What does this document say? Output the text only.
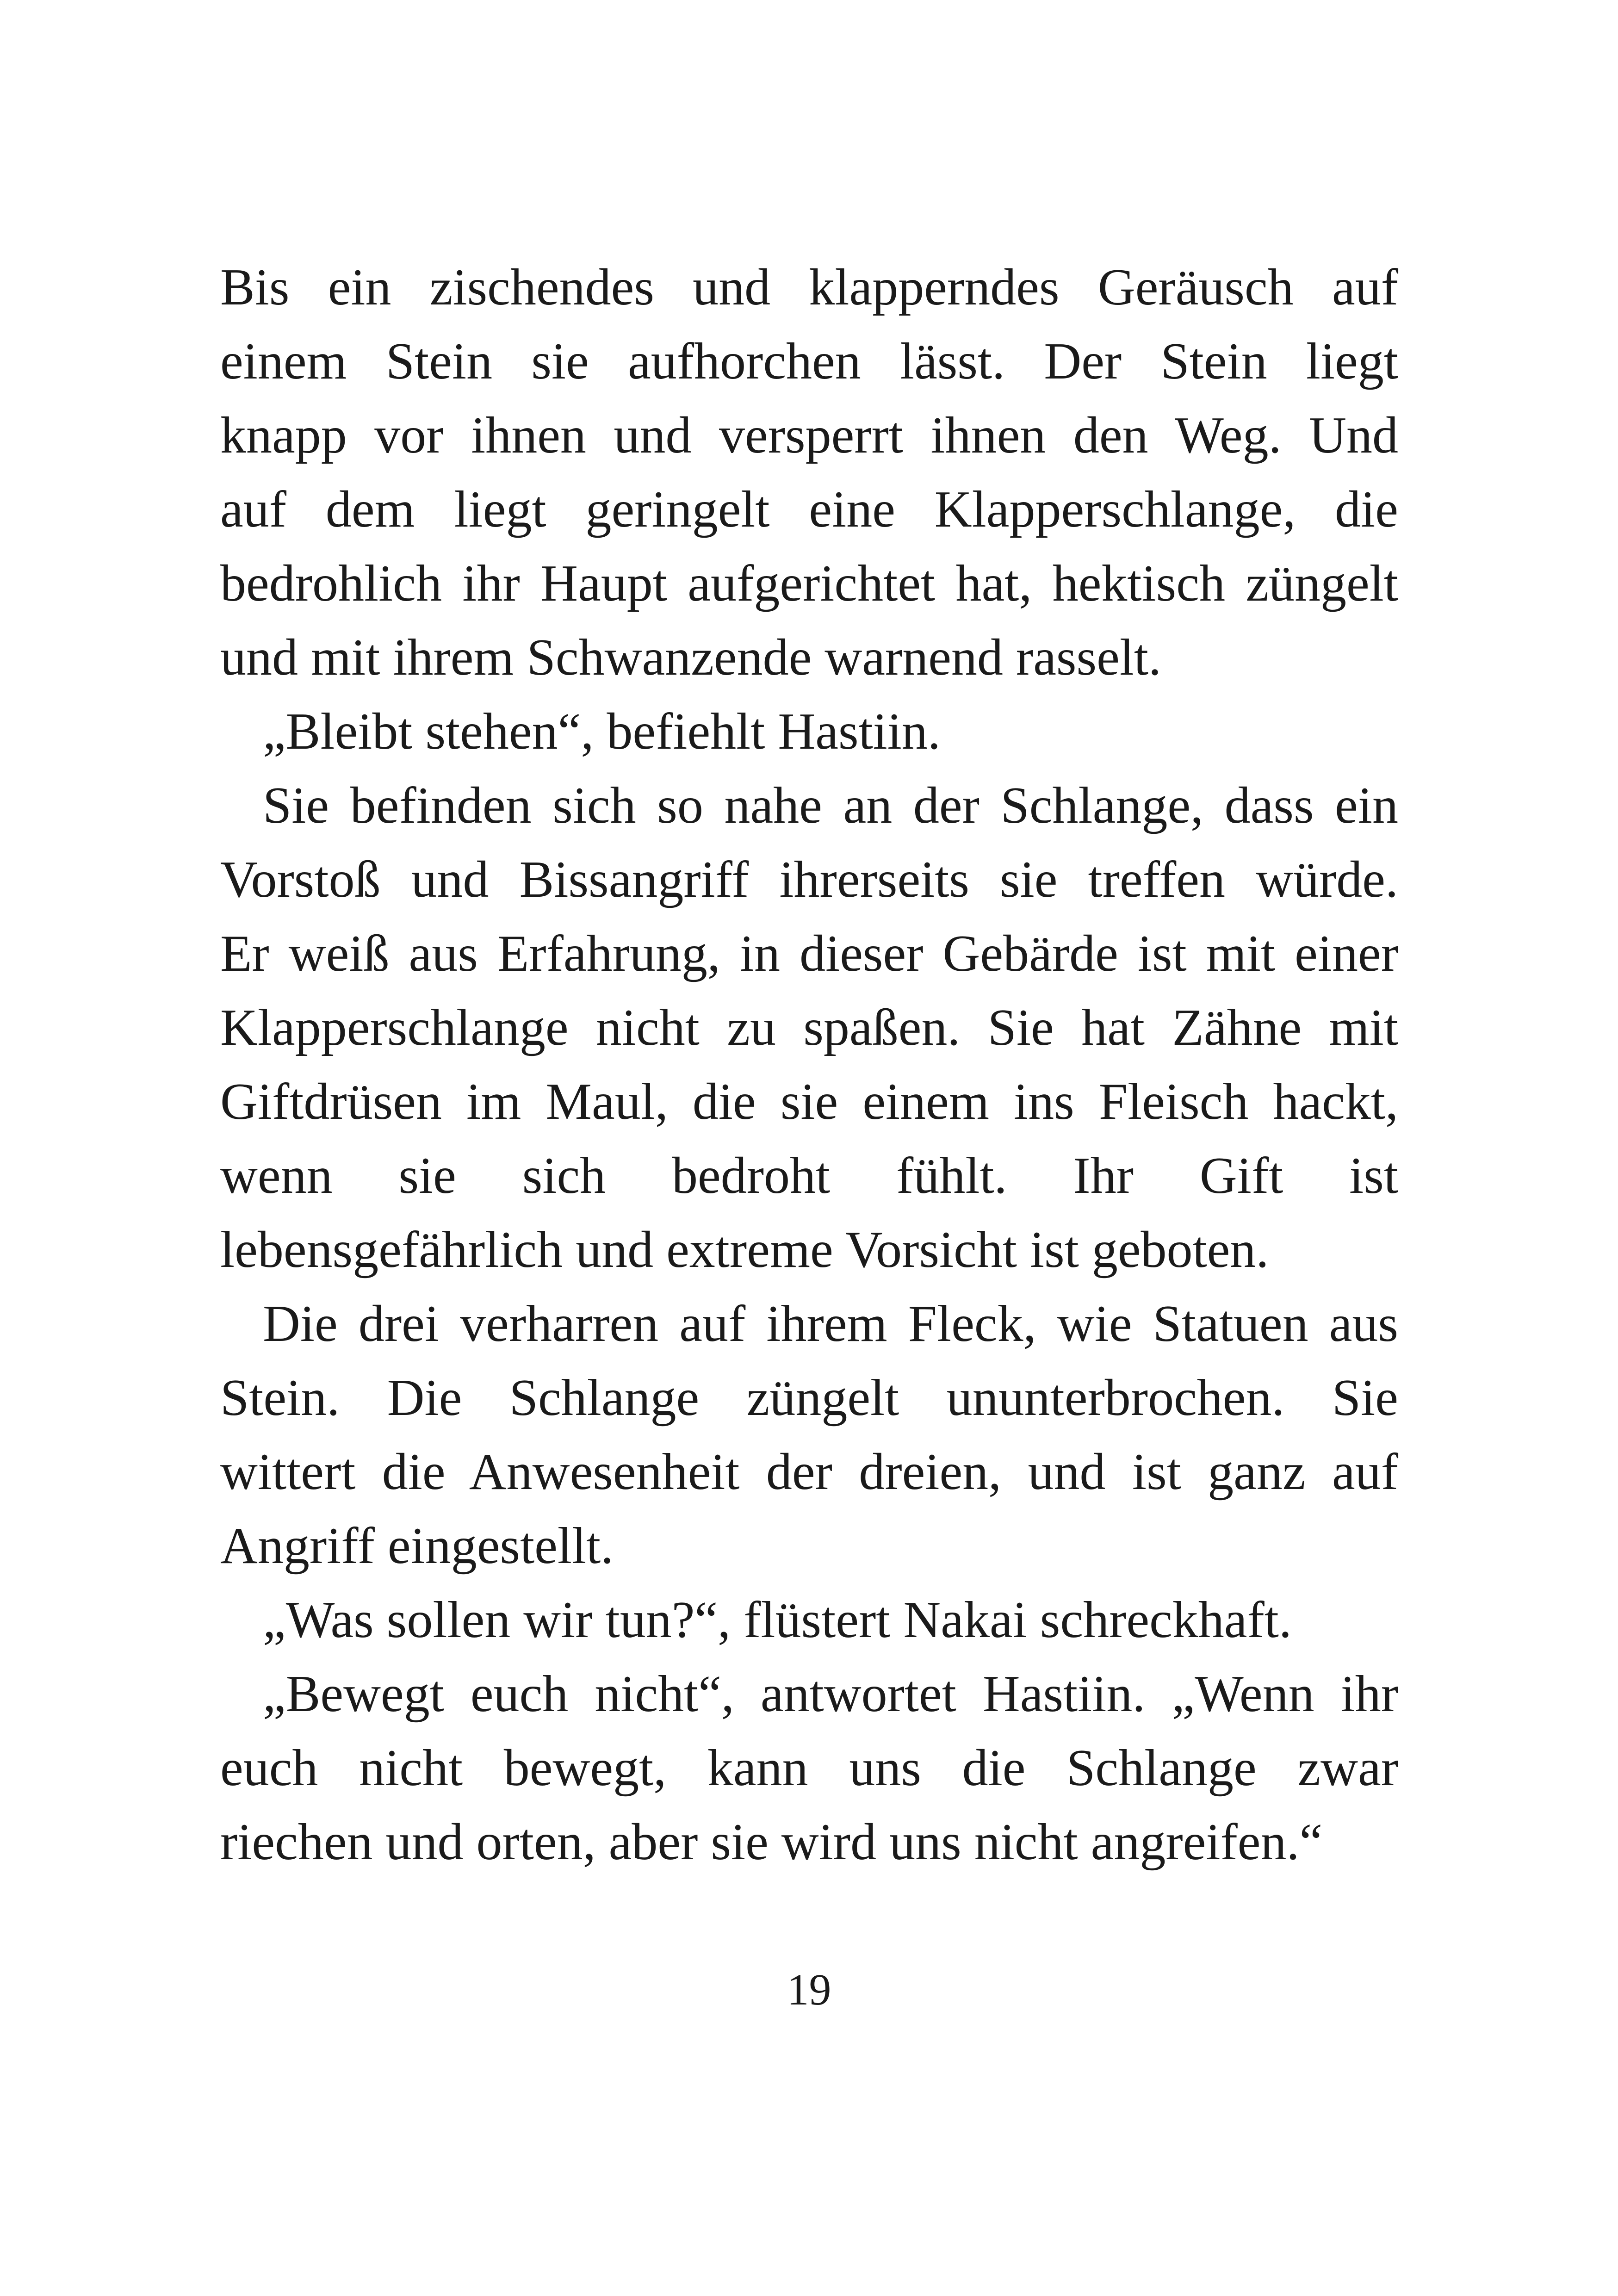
Bis ein zischendes und klapperndes Geräusch auf
einem Stein sie aufhorchen lässt. Der Stein liegt
knapp vor ihnen und versperrt ihnen den Weg. Und
auf dem liegt geringelt eine Klapperschlange, die
bedrohlich ihr Haupt aufgerichtet hat, hektisch züngelt
und mit ihrem Schwanzende warnend rasselt.
„Bleibt stehen“, befiehlt Hastiin.
Sie befinden sich so nahe an der Schlange, dass ein
Vorstoß und Bissangriff ihrerseits sie treffen würde.
Er weiß aus Erfahrung, in dieser Gebärde ist mit einer
Klapperschlange nicht zu spaßen. Sie hat Zähne mit
Giftdrüsen im Maul, die sie einem ins Fleisch hackt,
wenn sie sich bedroht fühlt. Ihr Gift ist
lebensgefährlich und extreme Vorsicht ist geboten.
Die drei verharren auf ihrem Fleck, wie Statuen aus
Stein. Die Schlange züngelt ununterbrochen. Sie
wittert die Anwesenheit der dreien, und ist ganz auf
Angriff eingestellt.
„Was sollen wir tun?“, flüstert Nakai schreckhaft.
„Bewegt euch nicht“, antwortet Hastiin. „Wenn ihr
euch nicht bewegt, kann uns die Schlange zwar
riechen und orten, aber sie wird uns nicht angreifen.“
19
